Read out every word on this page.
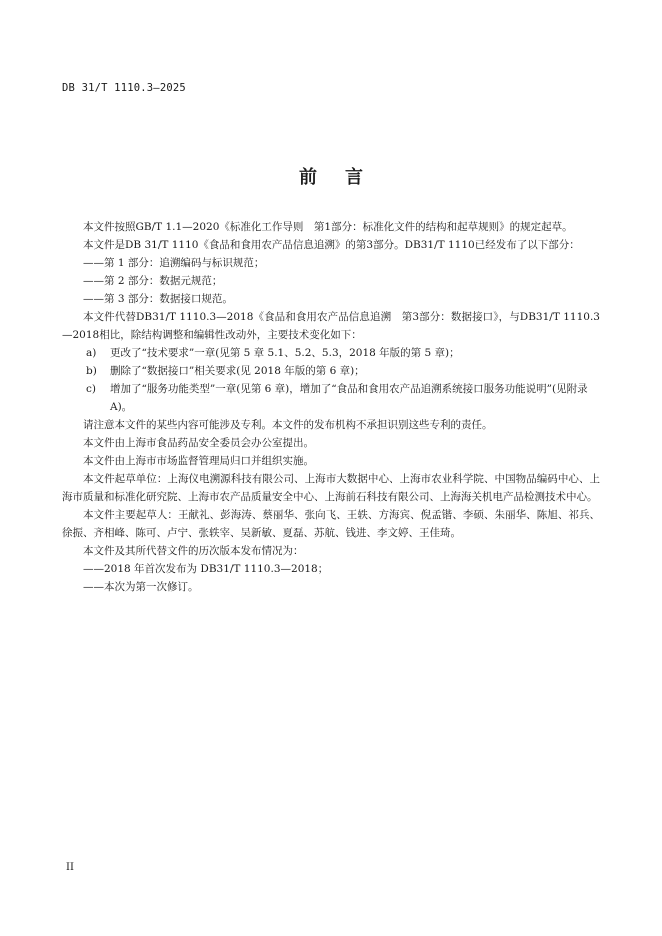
DB 31/T 1110.3—2025
前言

本文件按照GB/T 1.1—2020《标准化工作导则　第1部分：标准化文件的结构和起草规则》的规定起草。

本文件是DB 31/T 1110《食品和食用农产品信息追溯》的第3部分。DB31/T 1110已经发布了以下部分：

——第 1 部分：追溯编码与标识规范；

——第 2 部分：数据元规范；

——第 3 部分：数据接口规范。

本文件代替DB31/T 1110.3—2018《食品和食用农产品信息追溯　第3部分：数据接口》，与DB31/T 1110.3—2018相比，除结构调整和编辑性改动外，主要技术变化如下：

a) 更改了“技术要求”一章(见第 5 章 5.1、5.2、5.3，2018 年版的第 5 章)；

b) 删除了“数据接口”相关要求(见 2018 年版的第 6 章)；

c) 增加了“服务功能类型”一章(见第 6 章)，增加了“食品和食用农产品追溯系统接口服务功能说明”(见附录 A)。

请注意本文件的某些内容可能涉及专利。本文件的发布机构不承担识别这些专利的责任。

本文件由上海市食品药品安全委员会办公室提出。

本文件由上海市市场监督管理局归口并组织实施。

本文件起草单位：上海仪电溯源科技有限公司、上海市大数据中心、上海市农业科学院、中国物品编码中心、上海市质量和标准化研究院、上海市农产品质量安全中心、上海前石科技有限公司、上海海关机电产品检测技术中心。

本文件主要起草人：王献礼、彭海涛、蔡丽华、张向飞、王轶、方海宾、倪孟锴、李硕、朱丽华、陈旭、祁兵、徐振、齐相峰、陈可、卢宁、张轶宰、吴新敏、夏磊、苏航、钱进、李文婷、王佳琦。

本文件及其所代替文件的历次版本发布情况为：

——2018 年首次发布为 DB31/T 1110.3—2018；

——本次为第一次修订。

II
